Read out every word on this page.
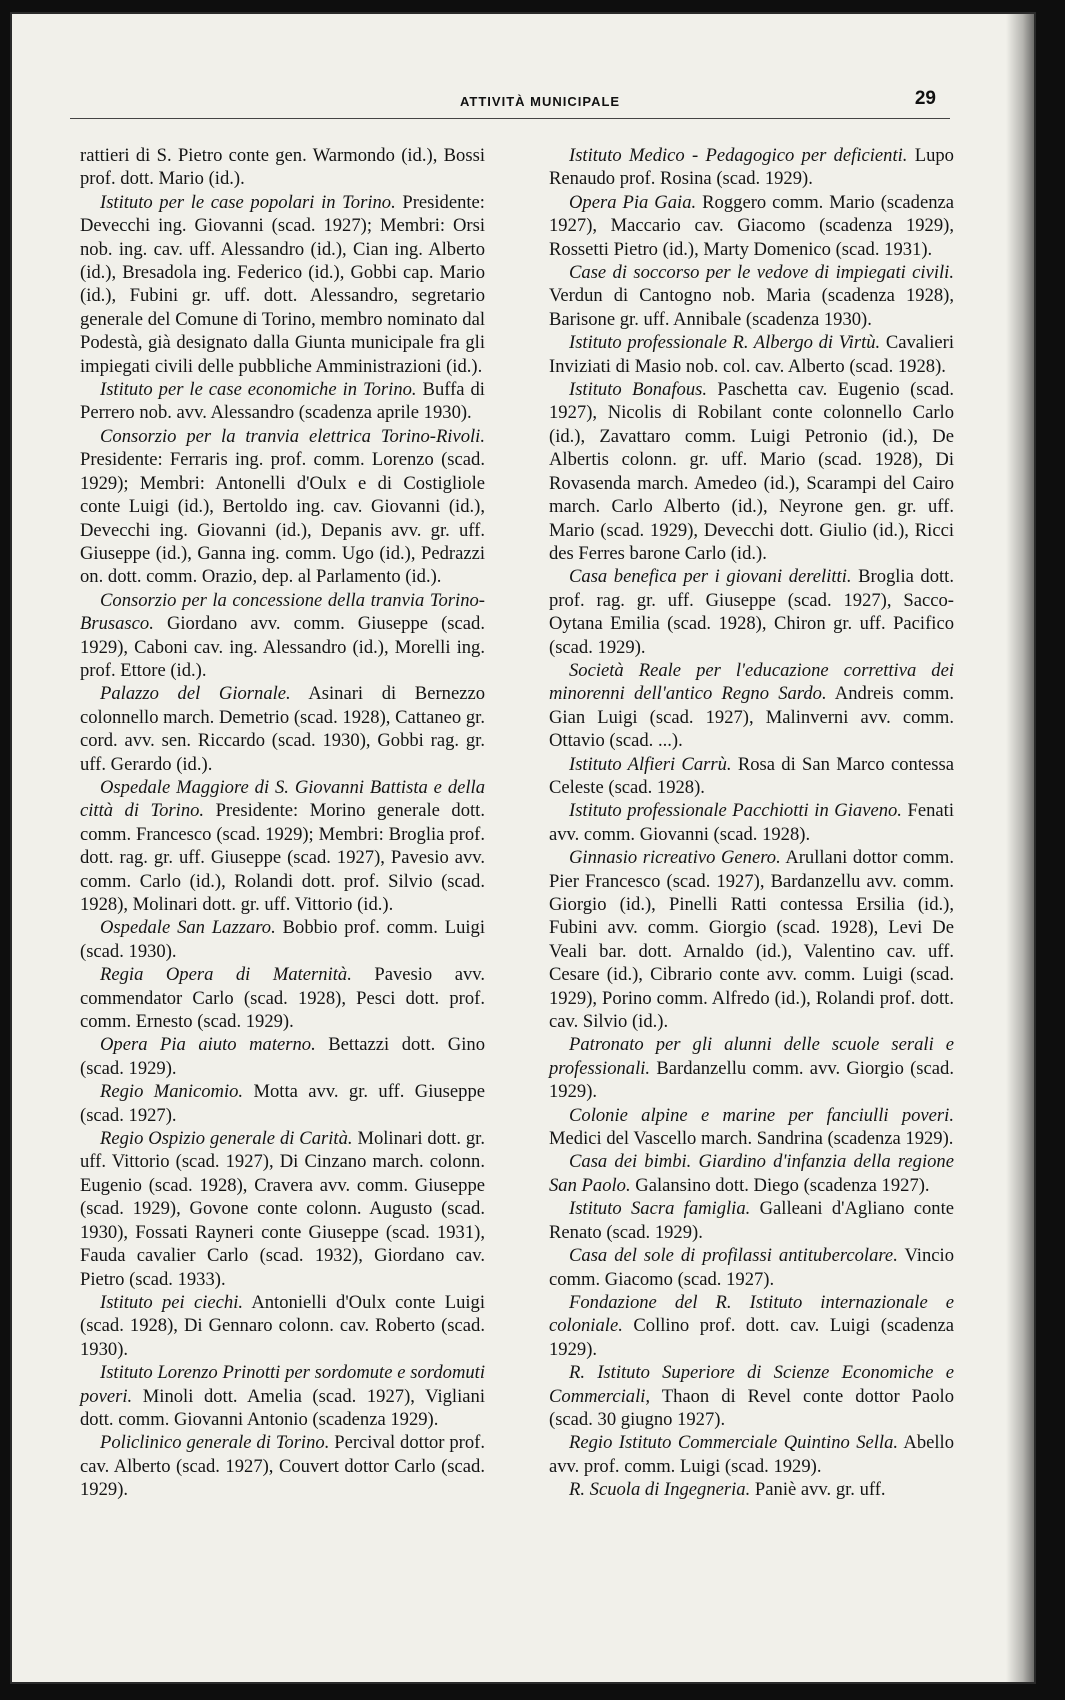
ATTIVITÀ MUNICIPALE	29

rattieri di S. Pietro conte gen. Warmondo (id.), Bossi prof. dott. Mario (id.).

Istituto per le case popolari in Torino. Presidente: Devecchi ing. Giovanni (scad. 1927); Membri: Orsi nob. ing. cav. uff. Alessandro (id.), Cian ing. Alberto (id.), Bresadola ing. Federico (id.), Gobbi cap. Mario (id.), Fubini gr. uff. dott. Alessandro, segretario generale del Comune di Torino, membro nominato dal Podestà, già designato dalla Giunta municipale fra gli impiegati civili delle pubbliche Amministrazioni (id.).

Istituto per le case economiche in Torino. Buffa di Perrero nob. avv. Alessandro (scadenza aprile 1930).

Consorzio per la tranvia elettrica Torino-Rivoli. Presidente: Ferraris ing. prof. comm. Lorenzo (scad. 1929); Membri: Antonelli d'Oulx e di Costigliole conte Luigi (id.), Bertoldo ing. cav. Giovanni (id.), Devecchi ing. Giovanni (id.), Depanis avv. gr. uff. Giuseppe (id.), Ganna ing. comm. Ugo (id.), Pedrazzi on. dott. comm. Orazio, dep. al Parlamento (id.).

Consorzio per la concessione della tranvia Torino-Brusasco. Giordano avv. comm. Giuseppe (scad. 1929), Caboni cav. ing. Alessandro (id.), Morelli ing. prof. Ettore (id.).

Palazzo del Giornale. Asinari di Bernezzo colonnello march. Demetrio (scad. 1928), Cattaneo gr. cord. avv. sen. Riccardo (scad. 1930), Gobbi rag. gr. uff. Gerardo (id.).

Ospedale Maggiore di S. Giovanni Battista e della città di Torino. Presidente: Morino generale dott. comm. Francesco (scad. 1929); Membri: Broglia prof. dott. rag. gr. uff. Giuseppe (scad. 1927), Pavesio avv. comm. Carlo (id.), Rolandi dott. prof. Silvio (scad. 1928), Molinari dott. gr. uff. Vittorio (id.).

Ospedale San Lazzaro. Bobbio prof. comm. Luigi (scad. 1930).

Regia Opera di Maternità. Pavesio avv. commendator Carlo (scad. 1928), Pesci dott. prof. comm. Ernesto (scad. 1929).

Opera Pia aiuto materno. Bettazzi dott. Gino (scad. 1929).

Regio Manicomio. Motta avv. gr. uff. Giuseppe (scad. 1927).

Regio Ospizio generale di Carità. Molinari dott. gr. uff. Vittorio (scad. 1927), Di Cinzano march. colonn. Eugenio (scad. 1928), Cravera avv. comm. Giuseppe (scad. 1929), Govone conte colonn. Augusto (scad. 1930), Fossati Rayneri conte Giuseppe (scad. 1931), Fauda cavalier Carlo (scad. 1932), Giordano cav. Pietro (scad. 1933).

Istituto pei ciechi. Antonielli d'Oulx conte Luigi (scad. 1928), Di Gennaro colonn. cav. Roberto (scad. 1930).

Istituto Lorenzo Prinotti per sordomute e sordomuti poveri. Minoli dott. Amelia (scad. 1927), Vigliani dott. comm. Giovanni Antonio (scadenza 1929).

Policlinico generale di Torino. Percival dottor prof. cav. Alberto (scad. 1927), Couvert dottor Carlo (scad. 1929).

Istituto Medico - Pedagogico per deficienti. Lupo Renaudo prof. Rosina (scad. 1929).

Opera Pia Gaia. Roggero comm. Mario (scadenza 1927), Maccario cav. Giacomo (scadenza 1929), Rossetti Pietro (id.), Marty Domenico (scad. 1931).

Case di soccorso per le vedove di impiegati civili. Verdun di Cantogno nob. Maria (scadenza 1928), Barisone gr. uff. Annibale (scadenza 1930).

Istituto professionale R. Albergo di Virtù. Cavalieri Inviziati di Masio nob. col. cav. Alberto (scad. 1928).

Istituto Bonafous. Paschetta cav. Eugenio (scad. 1927), Nicolis di Robilant conte colonnello Carlo (id.), Zavattaro comm. Luigi Petronio (id.), De Albertis colonn. gr. uff. Mario (scad. 1928), Di Rovasenda march. Amedeo (id.), Scarampi del Cairo march. Carlo Alberto (id.), Neyrone gen. gr. uff. Mario (scad. 1929), Devecchi dott. Giulio (id.), Ricci des Ferres barone Carlo (id.).

Casa benefica per i giovani derelitti. Broglia dott. prof. rag. gr. uff. Giuseppe (scad. 1927), Sacco-Oytana Emilia (scad. 1928), Chiron gr. uff. Pacifico (scad. 1929).

Società Reale per l'educazione correttiva dei minorenni dell'antico Regno Sardo. Andreis comm. Gian Luigi (scad. 1927), Malinverni avv. comm. Ottavio (scad. ...).

Istituto Alfieri Carrù. Rosa di San Marco contessa Celeste (scad. 1928).

Istituto professionale Pacchiotti in Giaveno. Fenati avv. comm. Giovanni (scad. 1928).

Ginnasio ricreativo Genero. Arullani dottor comm. Pier Francesco (scad. 1927), Bardanzellu avv. comm. Giorgio (id.), Pinelli Ratti contessa Ersilia (id.), Fubini avv. comm. Giorgio (scad. 1928), Levi De Veali bar. dott. Arnaldo (id.), Valentino cav. uff. Cesare (id.), Cibrario conte avv. comm. Luigi (scad. 1929), Porino comm. Alfredo (id.), Rolandi prof. dott. cav. Silvio (id.).

Patronato per gli alunni delle scuole serali e professionali. Bardanzellu comm. avv. Giorgio (scad. 1929).

Colonie alpine e marine per fanciulli poveri. Medici del Vascello march. Sandrina (scadenza 1929).

Casa dei bimbi. Giardino d'infanzia della regione San Paolo. Galansino dott. Diego (scadenza 1927).

Istituto Sacra famiglia. Galleani d'Agliano conte Renato (scad. 1929).

Casa del sole di profilassi antitubercolare. Vincio comm. Giacomo (scad. 1927).

Fondazione del R. Istituto internazionale e coloniale. Collino prof. dott. cav. Luigi (scadenza 1929).

R. Istituto Superiore di Scienze Economiche e Commerciali, Thaon di Revel conte dottor Paolo (scad. 30 giugno 1927).

Regio Istituto Commerciale Quintino Sella. Abello avv. prof. comm. Luigi (scad. 1929).

R. Scuola di Ingegneria. Paniè avv. gr. uff.
